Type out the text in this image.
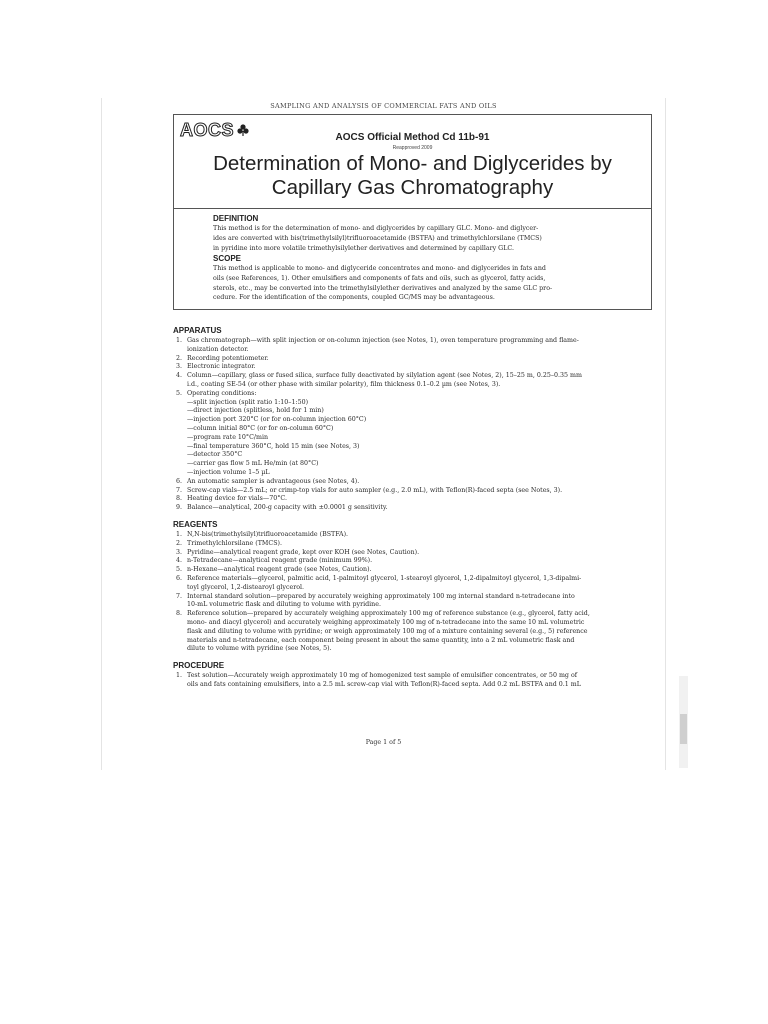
SAMPLING AND ANALYSIS OF COMMERCIAL FATS AND OILS
AOCS	AOCS Official Method Cd 11b-91
Reapproved 2009
Determination of Mono- and Diglycerides by
Capillary Gas Chromatography
DEFINITION

This method is for the determination of mono- and diglycerides by capillary GLC. Mono- and diglycer-
ides are converted with bis(trimethylsilyl)trifluoroacetamide (BSTFA) and trimethylchlorsilane (TMCS)
in pyridine into more volatile trimethylsilylether derivatives and determined by capillary GLC.

SCOPE

This method is applicable to mono- and diglyceride concentrates and mono- and diglycerides in fats and
oils (see References, 1). Other emulsifiers and components of fats and oils, such as glycerol, fatty acids,
sterols, etc., may be converted into the trimethylsilylether derivatives and analyzed by the same GLC pro-
cedure. For the identification of the components, coupled GC/MS may be advantageous.

APPARATUS
1. Gas chromatograph—with split injection or on-column injection (see Notes, 1), oven temperature programming and flame-
ionization detector.
2. Recording potentiometer.
3. Electronic integrator.
4. Column—capillary, glass or fused silica, surface fully deactivated by silylation agent (see Notes, 2), 15–25 m, 0.25–0.35 mm
i.d., coating SE-54 (or other phase with similar polarity), film thickness 0.1–0.2 µm (see Notes, 3).
5. Operating conditions:
—split injection (split ratio 1:10–1:50)
—direct injection (splitless, hold for 1 min)
—injection port 320°C (or for on-column injection 60°C)
—column initial 80°C (or for on-column 60°C)
—program rate 10°C/min
—final temperature 360°C, hold 15 min (see Notes, 3)
—detector 350°C
—carrier gas flow 5 mL He/min (at 80°C)
—injection volume 1–5 µL
6. An automatic sampler is advantageous (see Notes, 4).
7. Screw-cap vials—2.5 mL; or crimp-top vials for auto sampler (e.g., 2.0 mL), with Teflon(R)-faced septa (see Notes, 3).
8. Heating device for vials—70°C.
9. Balance—analytical, 200-g capacity with ±0.0001 g sensitivity.
REAGENTS
1. N,N-bis(trimethylsilyl)trifluoroacetamide (BSTFA).
2. Trimethylchlorsilane (TMCS).
3. Pyridine—analytical reagent grade, kept over KOH (see Notes, Caution).
4. n-Tetradecane—analytical reagent grade (minimum 99%).
5. n-Hexane—analytical reagent grade (see Notes, Caution).
6. Reference materials—glycerol, palmitic acid, 1-palmitoyl glycerol, 1-stearoyl glycerol, 1,2-dipalmitoyl glycerol, 1,3-dipalmi-
toyl glycerol, 1,2-distearoyl glycerol.
7. Internal standard solution—prepared by accurately weighing approximately 100 mg internal standard n-tetradecane into
10-mL volumetric flask and diluting to volume with pyridine.
8. Reference solution—prepared by accurately weighing approximately 100 mg of reference substance (e.g., glycerol, fatty acid,
mono- and diacyl glycerol) and accurately weighing approximately 100 mg of n-tetradecane into the same 10 mL volumetric
flask and diluting to volume with pyridine; or weigh approximately 100 mg of a mixture containing several (e.g., 5) reference
materials and n-tetradecane, each component being present in about the same quantity, into a 2 mL volumetric flask and
dilute to volume with pyridine (see Notes, 5).
PROCEDURE
1. Test solution—Accurately weigh approximately 10 mg of homogenized test sample of emulsifier concentrates, or 50 mg of
oils and fats containing emulsifiers, into a 2.5 mL screw-cap vial with Teflon(R)-faced septa. Add 0.2 mL BSTFA and 0.1 mL
Page 1 of 5
